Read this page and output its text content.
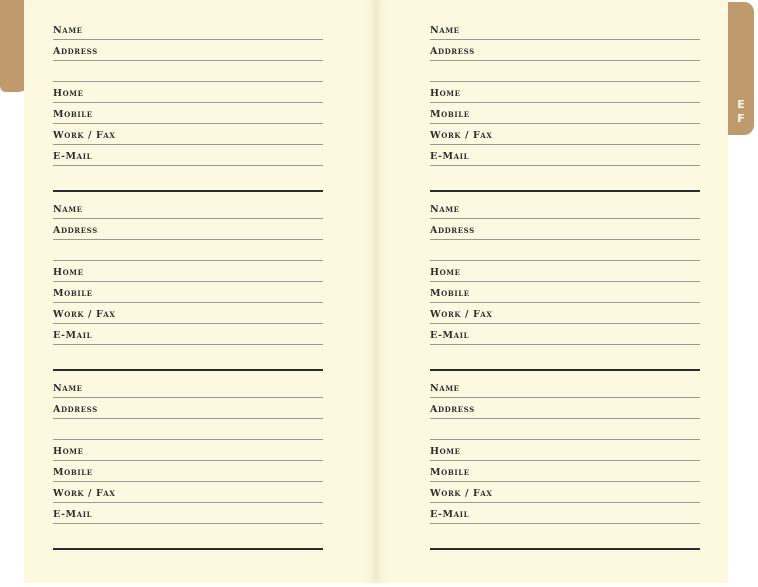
E
F
Name
Address
Home
Mobile
Work / Fax
E-Mail
Name
Address
Home
Mobile
Work / Fax
E-Mail
Name
Address
Home
Mobile
Work / Fax
E-Mail
Name
Address
Home
Mobile
Work / Fax
E-Mail
Name
Address
Home
Mobile
Work / Fax
E-Mail
Name
Address
Home
Mobile
Work / Fax
E-Mail
